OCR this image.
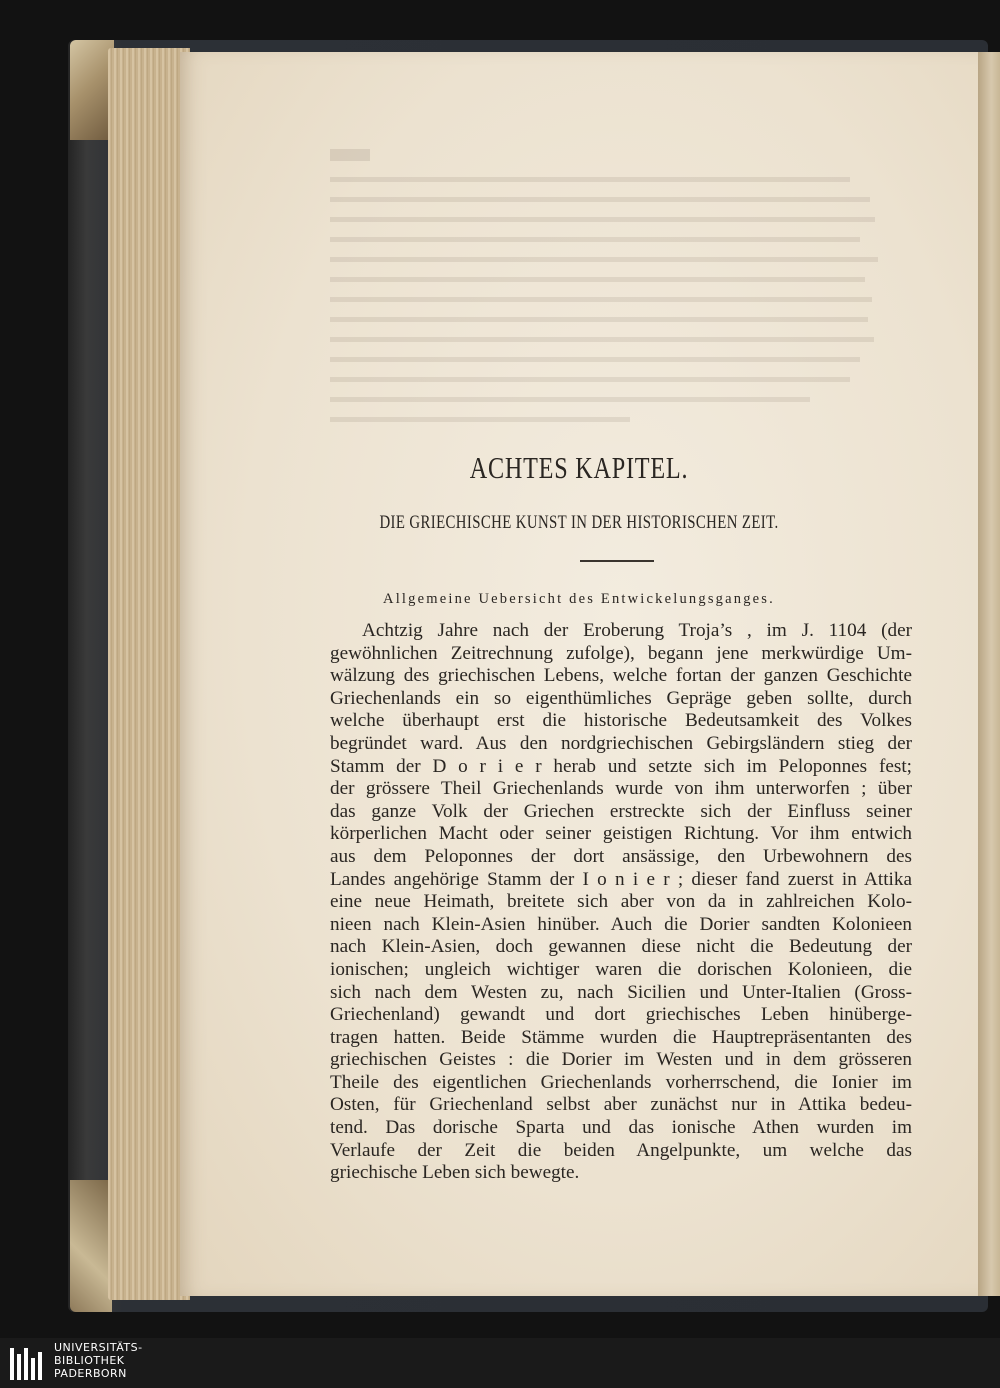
ACHTES KAPITEL.
DIE GRIECHISCHE KUNST IN DER HISTORISCHEN ZEIT.
Allgemeine Uebersicht des Entwickelungsganges.
Achtzig Jahre nach der Eroberung Troja’s , im J. 1104 (der
gewöhnlichen Zeitrechnung zufolge), begann jene merkwürdige Um-
wälzung des griechischen Lebens, welche fortan der ganzen Geschichte
Griechenlands ein so eigenthümliches Gepräge geben sollte, durch
welche überhaupt erst die historische Bedeutsamkeit des Volkes
begründet ward. Aus den nordgriechischen Gebirgsländern stieg der
Stamm der D o r i e r herab und setzte sich im Peloponnes fest;
der grössere Theil Griechenlands wurde von ihm unterworfen ; über
das ganze Volk der Griechen erstreckte sich der Einfluss seiner
körperlichen Macht oder seiner geistigen Richtung. Vor ihm entwich
aus dem Peloponnes der dort ansässige, den Urbewohnern des
Landes angehörige Stamm der I o n i e r ; dieser fand zuerst in Attika
eine neue Heimath, breitete sich aber von da in zahlreichen Kolo-
nieen nach Klein-Asien hinüber. Auch die Dorier sandten Kolonieen
nach Klein-Asien, doch gewannen diese nicht die Bedeutung der
ionischen; ungleich wichtiger waren die dorischen Kolonieen, die
sich nach dem Westen zu, nach Sicilien und Unter-Italien (Gross-
Griechenland) gewandt und dort griechisches Leben hinüberge-
tragen hatten. Beide Stämme wurden die Hauptrepräsentanten des
griechischen Geistes : die Dorier im Westen und in dem grösseren
Theile des eigentlichen Griechenlands vorherrschend, die Ionier im
Osten, für Griechenland selbst aber zunächst nur in Attika bedeu-
tend. Das dorische Sparta und das ionische Athen wurden im
Verlaufe der Zeit die beiden Angelpunkte, um welche das
griechische Leben sich bewegte.
UNIVERSITÄTS-
BIBLIOTHEK
PADERBORN
